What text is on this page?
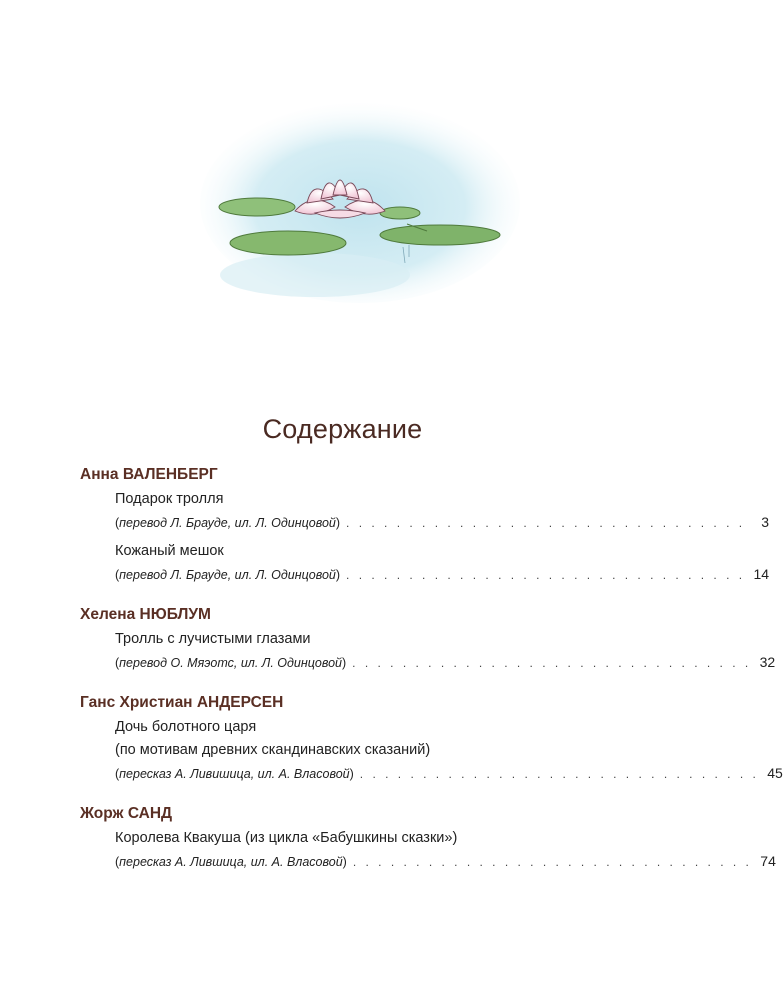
Содержание
Анна ВАЛЕНБЕРГ
Подарок тролля
(перевод Л. Брауде, ил. Л. Одинцовой) . . . . . . . . . . . . . . . . . . . . . . . . . . . . . . . .	3
Кожаный мешок
(перевод Л. Брауде, ил. Л. Одинцовой) . . . . . . . . . . . . . . . . . . . . . . . . . . . . . . . . 14
Хелена НЮБЛУМ
Тролль с лучистыми глазами
(перевод О. Мяэотс, ил. Л. Одинцовой) . . . . . . . . . . . . . . . . . . . . . . . . . . . . . . . . 32
Ганс Христиан АНДЕРСЕН
Дочь болотного царя
(по мотивам древних скандинавских сказаний)
(пересказ А. Ливишица, ил. А. Власовой) . . . . . . . . . . . . . . . . . . . . . . . . . . . . . . . . 45
Жорж САНД
Королева Квакуша (из цикла «Бабушкины сказки»)
(пересказ А. Лившица, ил. А. Власовой) . . . . . . . . . . . . . . . . . . . . . . . . . . . . . . . . 74
